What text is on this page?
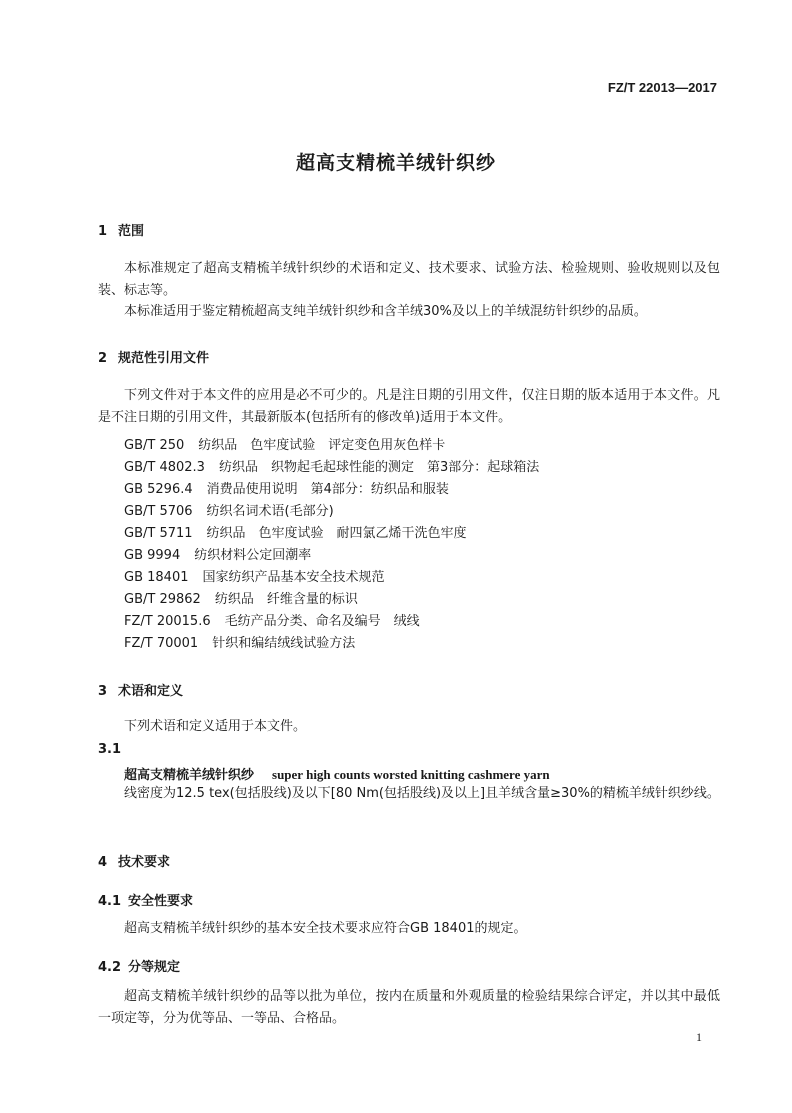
FZ/T 22013—2017
超高支精梳羊绒针织纱
1 范围
本标准规定了超高支精梳羊绒针织纱的术语和定义、技术要求、试验方法、检验规则、验收规则以及包装、标志等。
本标准适用于鉴定精梳超高支纯羊绒针织纱和含羊绒30%及以上的羊绒混纺针织纱的品质。
2 规范性引用文件
下列文件对于本文件的应用是必不可少的。凡是注日期的引用文件，仅注日期的版本适用于本文件。凡是不注日期的引用文件，其最新版本(包括所有的修改单)适用于本文件。
GB/T 250 纺织品　色牢度试验　评定变色用灰色样卡
GB/T 4802.3 纺织品　织物起毛起球性能的测定　第3部分：起球箱法
GB 5296.4 消费品使用说明　第4部分：纺织品和服装
GB/T 5706 纺织名词术语(毛部分)
GB/T 5711 纺织品　色牢度试验　耐四氯乙烯干洗色牢度
GB 9994 纺织材料公定回潮率
GB 18401 国家纺织产品基本安全技术规范
GB/T 29862 纺织品　纤维含量的标识
FZ/T 20015.6 毛纺产品分类、命名及编号　绒线
FZ/T 70001 针织和编结绒线试验方法
3 术语和定义
下列术语和定义适用于本文件。
3.1
超高支精梳羊绒针织纱 super high counts worsted knitting cashmere yarn
线密度为12.5 tex(包括股线)及以下[80 Nm(包括股线)及以上]且羊绒含量≥30%的精梳羊绒针织纱线。
4 技术要求
4.1 安全性要求
超高支精梳羊绒针织纱的基本安全技术要求应符合GB 18401的规定。
4.2 分等规定
超高支精梳羊绒针织纱的品等以批为单位，按内在质量和外观质量的检验结果综合评定，并以其中最低一项定等，分为优等品、一等品、合格品。
1
